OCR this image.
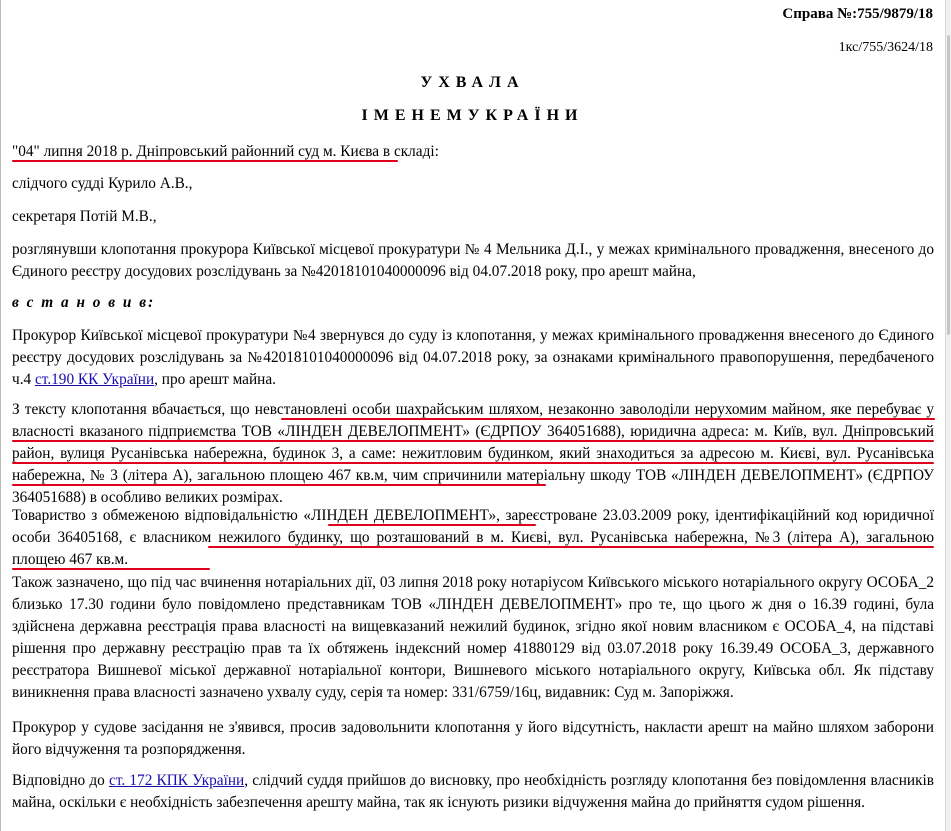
Справа №:755/9879/18
1кс/755/3624/18
УХВАЛА
ІМЕНЕМУКРАЇНИ

"04" липня 2018 р. Дніпровський районний суд м. Києва в складі:

слідчого судді Курило А.В.,

секретаря Потій М.В.,

розглянувши клопотання прокурора Київської місцевої прокуратури № 4 Мельника Д.І., у межах кримінального провадження, внесеного до Єдиного реєстру досудових розслідувань за №42018101040000096 від 04.07.2018 року, про арешт майна,

в с т а н о в и в:

Прокурор Київської місцевої прокуратури №4 звернувся до суду із клопотання, у межах кримінального провадження внесеного до Єдиного реєстру досудових розслідувань за №42018101040000096 від 04.07.2018 року, за ознаками кримінального правопорушення, передбаченого ч.4 ст.190 КК України, про арешт майна.

З тексту клопотання вбачається, що невстановлені особи шахрайським шляхом, незаконно заволоділи нерухомим майном, яке перебуває у власності вказаного підприємства ТОВ «ЛІНДЕН ДЕВЕЛОПМЕНТ» (ЄДРПОУ 364051688), юридична адреса: м. Київ, вул. Дніпровський район, вулиця Русанівська набережна, будинок 3, а саме: нежитловим будинком, який знаходиться за адресою м. Києві, вул. Русанівська набережна, № 3 (літера А), загальною площею 467 кв.м, чим спричинили матеріальну шкоду ТОВ «ЛІНДЕН ДЕВЕЛОПМЕНТ» (ЄДРПОУ 364051688) в особливо великих розмірах.

Товариство з обмеженою відповідальністю «ЛІНДЕН ДЕВЕЛОПМЕНТ», зареєстроване 23.03.2009 року, ідентифікаційний код юридичної особи 36405168, є власником нежилого будинку, що розташований в м. Києві, вул. Русанівська набережна, №3 (літера А), загальною площею 467 кв.м.

Також зазначено, що під час вчинення нотаріальних дії, 03 липня 2018 року нотаріусом Київського міського нотаріального округу ОСОБА_2 близько 17.30 години було повідомлено представникам ТОВ «ЛІНДЕН ДЕВЕЛОПМЕНТ» про те, що цього ж дня о 16.39 годині, була здійснена державна реєстрація права власності на вищевказаний нежилий будинок, згідно якої новим власником є ОСОБА_4, на підставі рішення про державну реєстрацію прав та їх обтяжень індексний номер 41880129 від 03.07.2018 року 16.39.49 ОСОБА_3, державного реєстратора Вишневої міської державної нотаріальної контори, Вишневого міського нотаріального округу, Київська обл. Як підставу виникнення права власності зазначено ухвалу суду, серія та номер: 331/6759/16ц, видавник: Суд м. Запоріжжя.

Прокурор у судове засідання не з'явився, просив задовольнити клопотання у його відсутність, накласти арешт на майно шляхом заборони його відчуження та розпорядження.

Відповідно до ст. 172 КПК України, слідчий суддя прийшов до висновку, про необхідність розгляду клопотання без повідомлення власників майна, оскільки є необхідність забезпечення арешту майна, так як існують ризики відчуження майна до прийняття судом рішення.
